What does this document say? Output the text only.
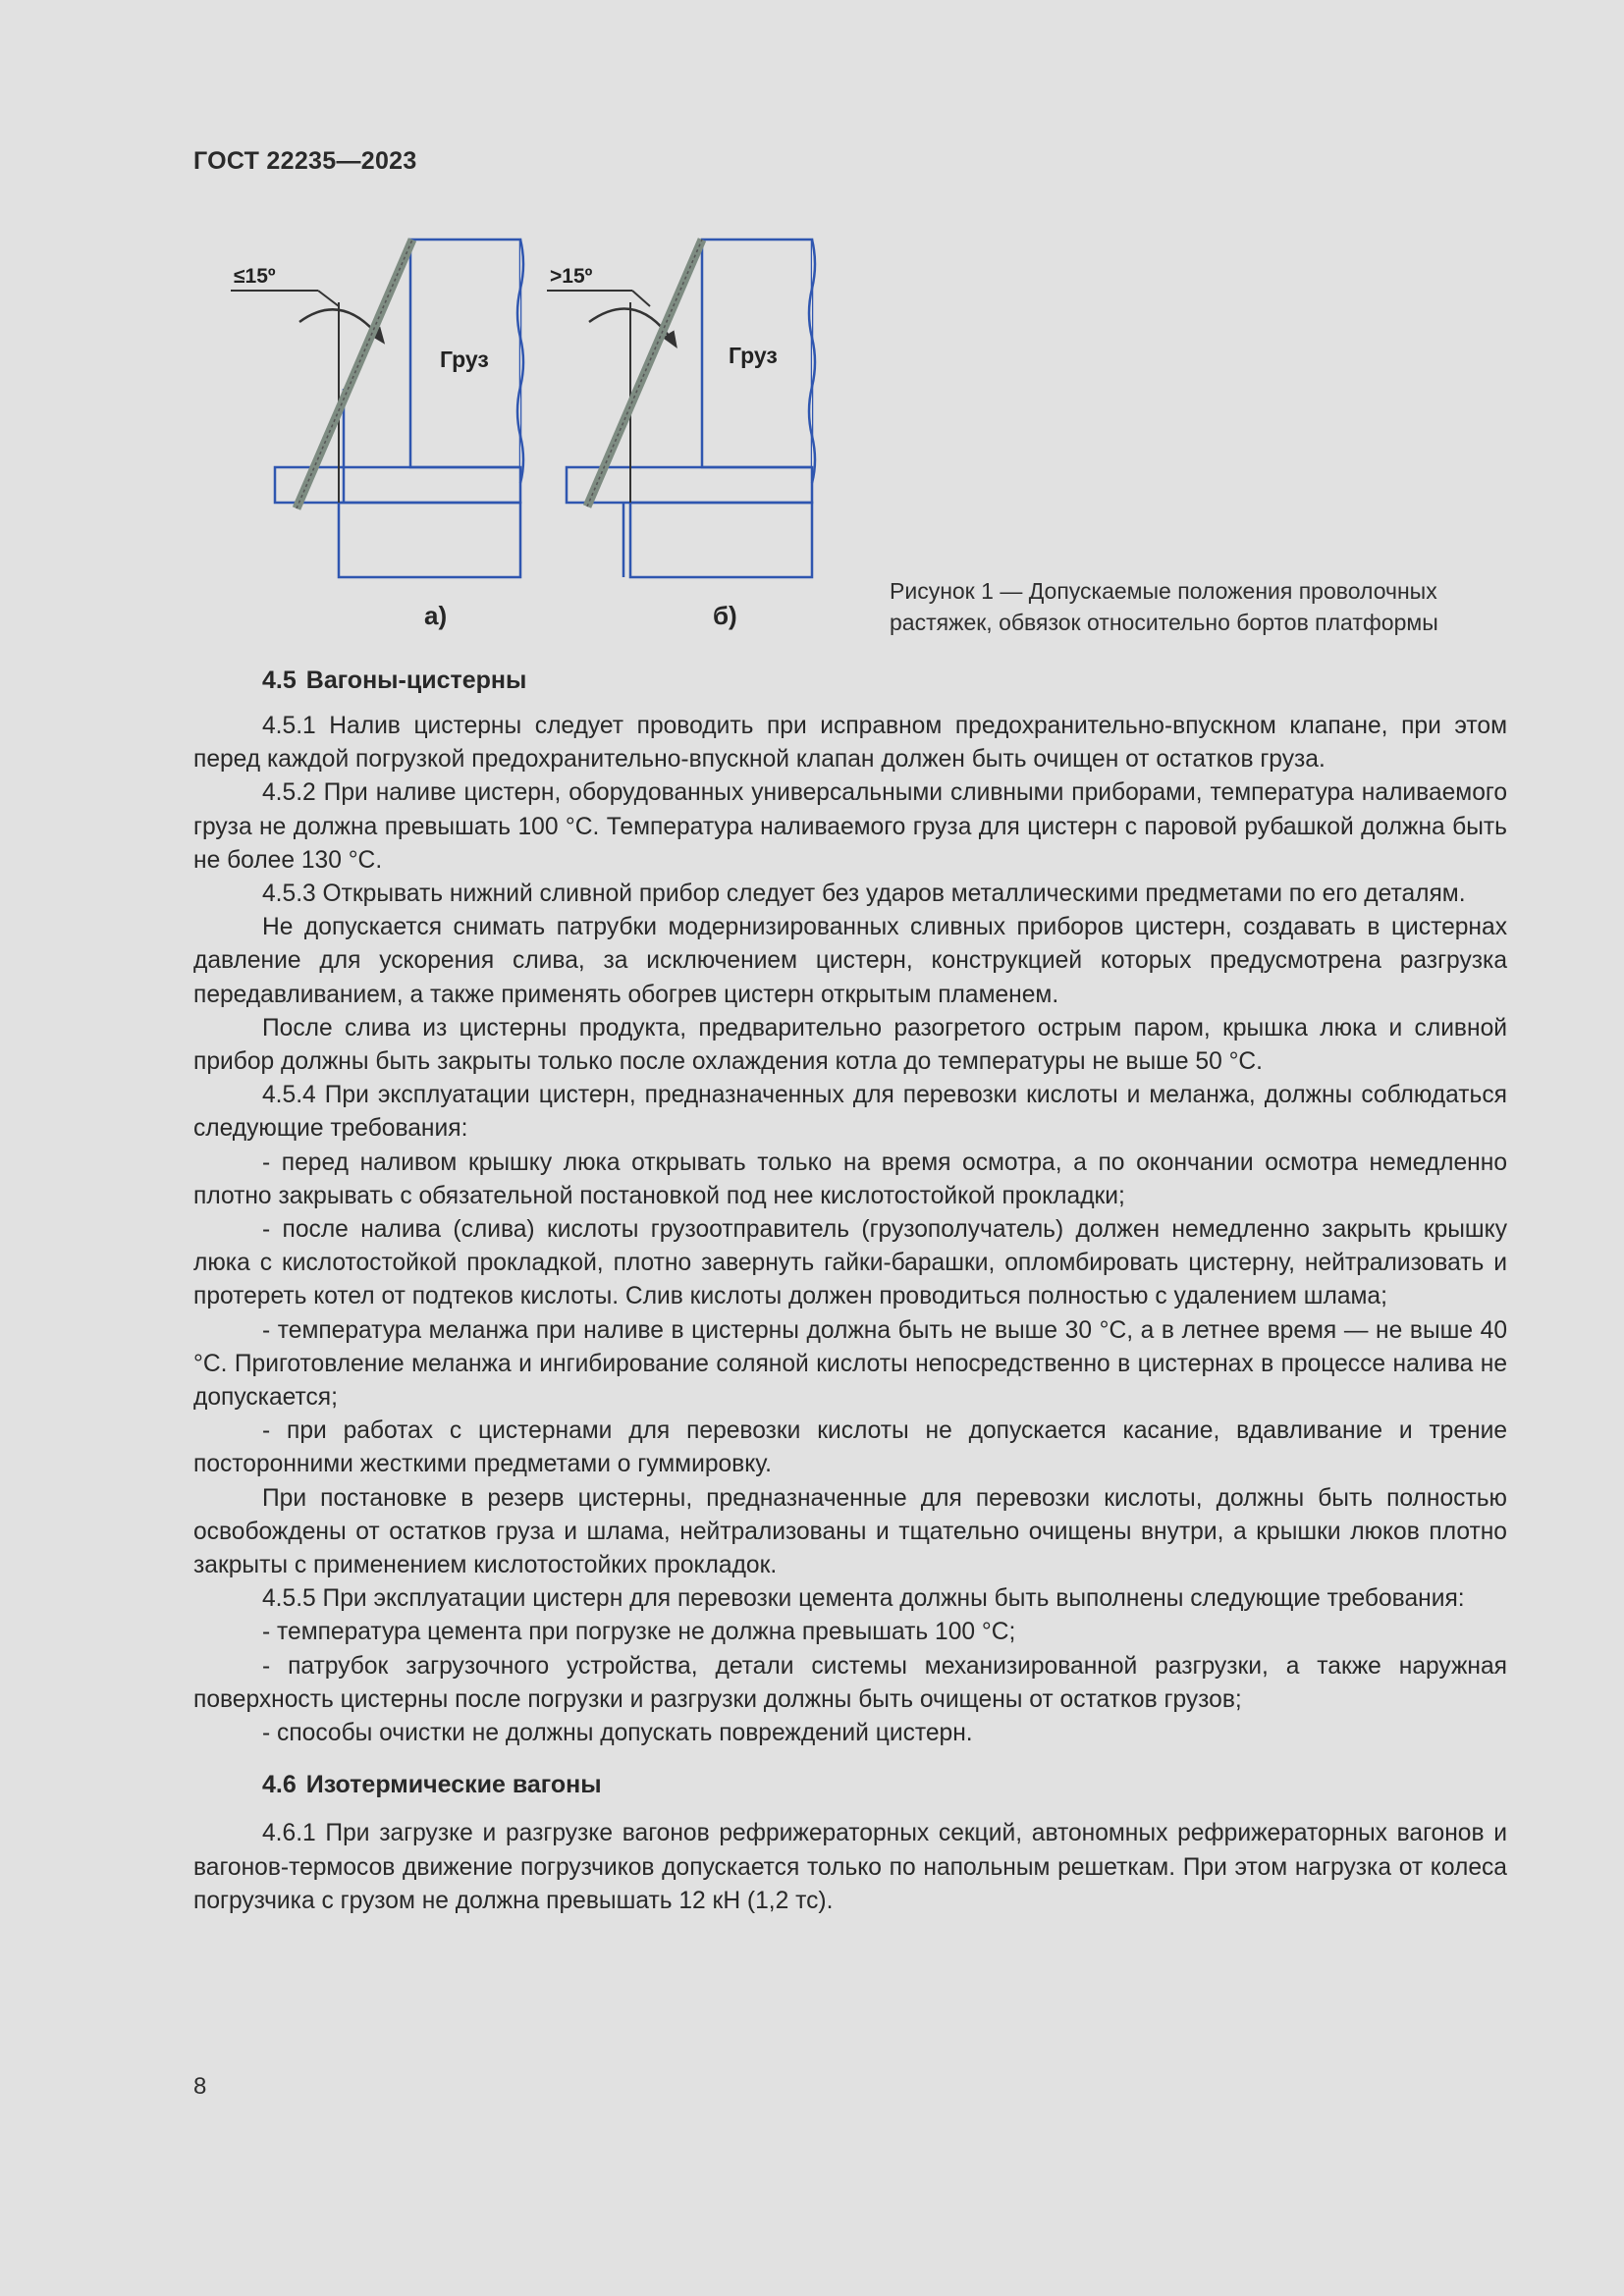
ГОСТ 22235—2023
≤15º
Груз
>15º
Груз
а)	б)
Рисунок 1 — Допускаемые положения проволочных растяжек, обвязок относительно бортов платформы
4.5 Вагоны-цистерны

4.5.1 Налив цистерны следует проводить при исправном предохранительно-впускном клапане, при этом перед каждой погрузкой предохранительно-впускной клапан должен быть очищен от остатков груза.

4.5.2 При наливе цистерн, оборудованных универсальными сливными приборами, температура наливаемого груза не должна превышать 100 °C. Температура наливаемого груза для цистерн с паровой рубашкой должна быть не более 130 °C.

4.5.3 Открывать нижний сливной прибор следует без ударов металлическими предметами по его деталям.

Не допускается снимать патрубки модернизированных сливных приборов цистерн, создавать в цистернах давление для ускорения слива, за исключением цистерн, конструкцией которых предусмотрена разгрузка передавливанием, а также применять обогрев цистерн открытым пламенем.

После слива из цистерны продукта, предварительно разогретого острым паром, крышка люка и сливной прибор должны быть закрыты только после охлаждения котла до температуры не выше 50 °C.

4.5.4 При эксплуатации цистерн, предназначенных для перевозки кислоты и меланжа, должны соблюдаться следующие требования:

- перед наливом крышку люка открывать только на время осмотра, а по окончании осмотра немедленно плотно закрывать с обязательной постановкой под нее кислотостойкой прокладки;

- после налива (слива) кислоты грузоотправитель (грузополучатель) должен немедленно закрыть крышку люка с кислотостойкой прокладкой, плотно завернуть гайки-барашки, опломбировать цистерну, нейтрализовать и протереть котел от подтеков кислоты. Слив кислоты должен проводиться полностью с удалением шлама;

- температура меланжа при наливе в цистерны должна быть не выше 30 °C, а в летнее время — не выше 40 °C. Приготовление меланжа и ингибирование соляной кислоты непосредственно в цистернах в процессе налива не допускается;

- при работах с цистернами для перевозки кислоты не допускается касание, вдавливание и трение посторонними жесткими предметами о гуммировку.

При постановке в резерв цистерны, предназначенные для перевозки кислоты, должны быть полностью освобождены от остатков груза и шлама, нейтрализованы и тщательно очищены внутри, а крышки люков плотно закрыты с применением кислотостойких прокладок.

4.5.5 При эксплуатации цистерн для перевозки цемента должны быть выполнены следующие требования:

- температура цемента при погрузке не должна превышать 100 °C;

- патрубок загрузочного устройства, детали системы механизированной разгрузки, а также наружная поверхность цистерны после погрузки и разгрузки должны быть очищены от остатков грузов;

- способы очистки не должны допускать повреждений цистерн.

4.6 Изотермические вагоны

4.6.1 При загрузке и разгрузке вагонов рефрижераторных секций, автономных рефрижераторных вагонов и вагонов-термосов движение погрузчиков допускается только по напольным решеткам. При этом нагрузка от колеса погрузчика с грузом не должна превышать 12 кН (1,2 тс).

8
